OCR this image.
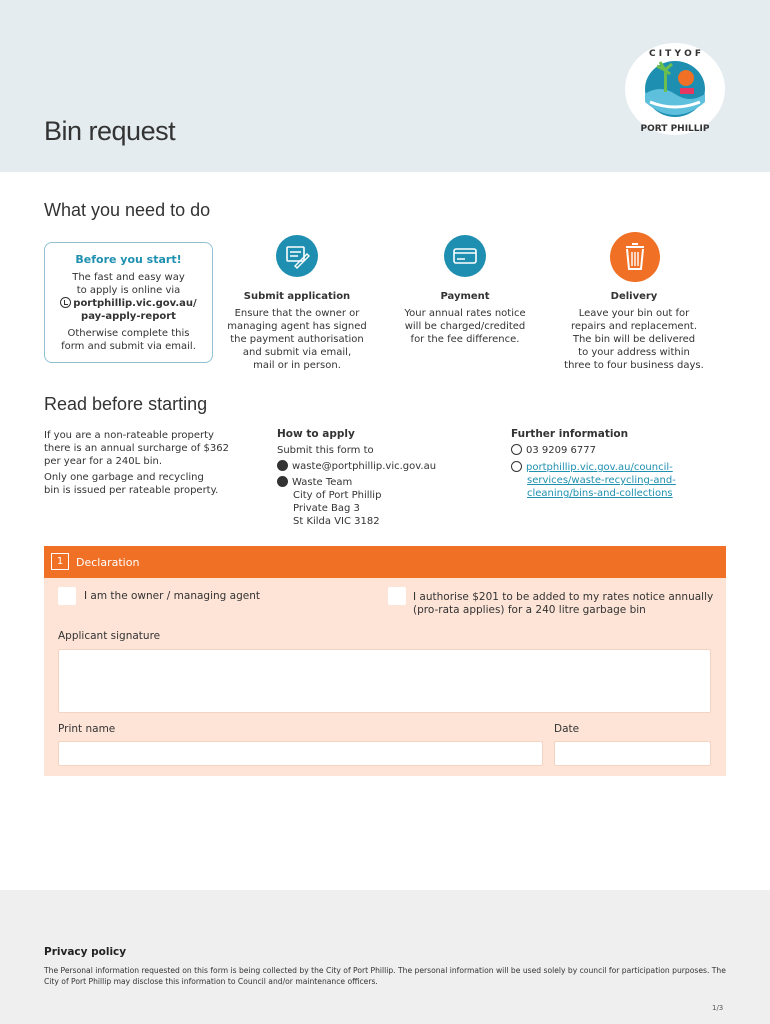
Bin request
C I T Y O F
PORT PHILLIP
What you need to do
Before you start!
The fast and easy way
to apply is online via
portphillip.vic.gov.au/
pay-apply-report
Otherwise complete this
form and submit via email.
Submit application
Ensure that the owner or
managing agent has signed
the payment authorisation
and submit via email,
mail or in person.
Payment
Your annual rates notice
will be charged/credited
for the fee difference.
Delivery
Leave your bin out for
repairs and replacement.
The bin will be delivered
to your address within
three to four business days.
Read before starting
If you are a non-rateable property
there is an annual surcharge of $362
per year for a 240L bin.
Only one garbage and recycling
bin is issued per rateable property.
How to apply
Submit this form to
waste@portphillip.vic.gov.au
Waste Team
City of Port Phillip
Private Bag 3
St Kilda VIC 3182
Further information
03 9209 6777
portphillip.vic.gov.au/council-
services/waste-recycling-and-
cleaning/bins-and-collections
1	Declaration
I am the owner / managing agent	I authorise $201 to be added to my rates notice annually
(pro-rata applies) for a 240 litre garbage bin
Applicant signature
Print name	Date
Privacy policy
The Personal information requested on this form is being collected by the City of Port Phillip. The personal information will be used solely by council for participation purposes. The City of Port Phillip may disclose this information to Council and/or maintenance officers.
1/3
